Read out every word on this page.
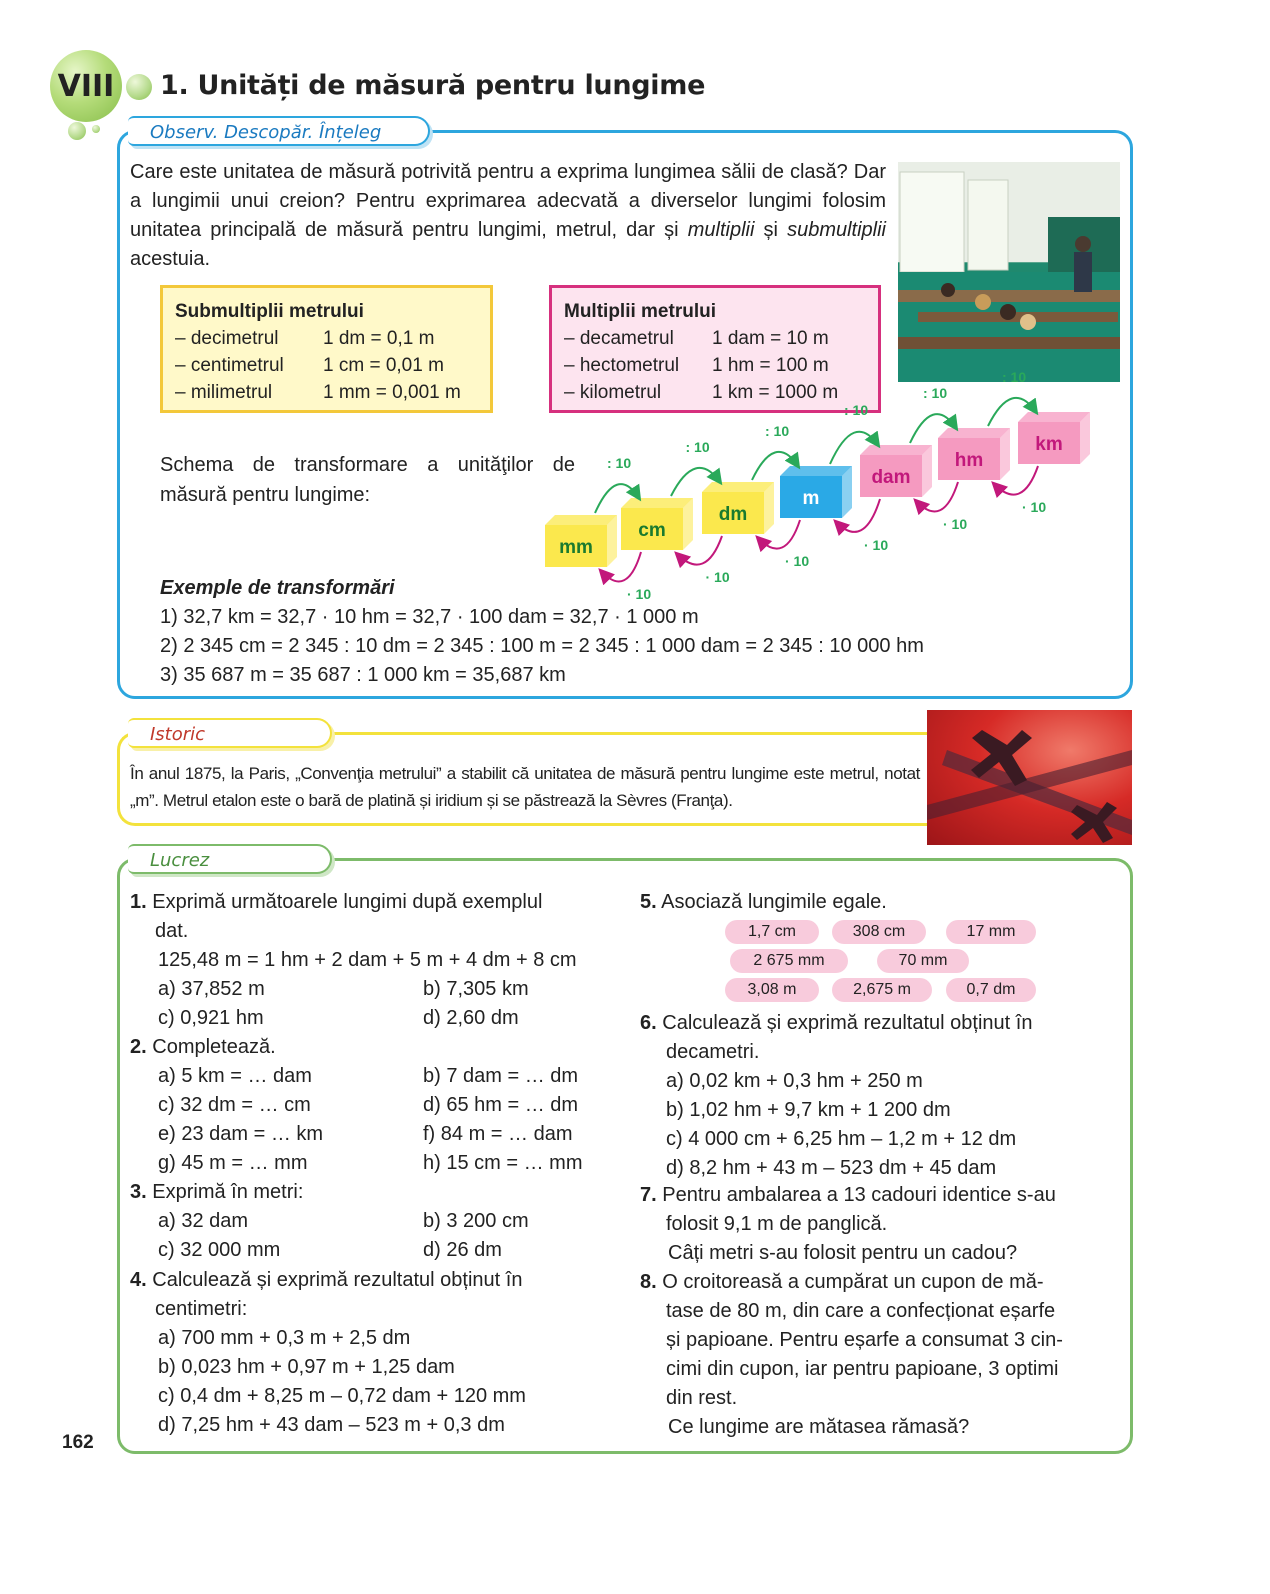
VIII 1. Unități de măsură pentru lungime
Observ. Descopăr. Înțeleg
Care este unitatea de măsură potrivită pentru a exprima lungimea sălii de clasă? Dar a lungimii unui creion? Pentru exprimarea adecvată a diverselor lungimi folosim unitatea principală de măsură pentru lungimi, metrul, dar și multiplii și submultiplii acestuia.
Submultiplii metrului
– decimetrul	1 dm = 0,1 m
– centimetrul	1 cm = 0,01 m
– milimetrul	1 mm = 0,001 m
Multiplii metrului
– decametrul	1 dam = 10 m
– hectometrul	1 hm = 100 m
– kilometrul	1 km = 1000 m
Schema de transformare a unităţilor de măsură pentru lungime:
mm
cm
dm
m
dam
hm
km
: 10
· 10
: 10
· 10
: 10
· 10
: 10
· 10
: 10
· 10
: 10
· 10
Exemple de transformări
1) 32,7 km = 32,7 · 10 hm = 32,7 · 100 dam = 32,7 · 1 000 m
2) 2 345 cm = 2 345 : 10 dm = 2 345 : 100 m = 2 345 : 1 000 dam = 2 345 : 10 000 hm
3) 35 687 m = 35 687 : 1 000 km = 35,687 km
Istoric
În anul 1875, la Paris, „Convenţia metrului” a stabilit că unitatea de măsură pentru lungime este metrul, notat „m”. Metrul etalon este o bară de platină și iridium și se păstrează la Sèvres (Franţa).
Lucrez
1. Exprimă următoarele lungimi după exemplul
dat.
125,48 m = 1 hm + 2 dam + 5 m + 4 dm + 8 cm
a) 37,852 m	b) 7,305 km
c) 0,921 hm	d) 2,60 dm
2. Completează.
a) 5 km = … dam	b) 7 dam = … dm
c) 32 dm = … cm	d) 65 hm = … dm
e) 23 dam = … km	f) 84 m = … dam
g) 45 m = … mm	h) 15 cm = … mm
3. Exprimă în metri:
a) 32 dam	b) 3 200 cm
c) 32 000 mm	d) 26 dm
4. Calculează și exprimă rezultatul obținut în
centimetri:
a) 700 mm + 0,3 m + 2,5 dm
b) 0,023 hm + 0,97 m + 1,25 dam
c) 0,4 dm + 8,25 m – 0,72 dam + 120 mm
d) 7,25 hm + 43 dam – 523 m + 0,3 dm
5. Asociază lungimile egale.
1,7 cm	308 cm	17 mm
2 675 mm	70 mm
3,08 m	2,675 m	0,7 dm
6. Calculează și exprimă rezultatul obținut în
decametri.
a) 0,02 km + 0,3 hm + 250 m
b) 1,02 hm + 9,7 km + 1 200 dm
c) 4 000 cm + 6,25 hm – 1,2 m + 12 dm
d) 8,2 hm + 43 m – 523 dm + 45 dam
7. Pentru ambalarea a 13 cadouri identice s-au
folosit 9,1 m de panglică.
Câți metri s-au folosit pentru un cadou?
8. O croitoreasă a cumpărat un cupon de mă-
tase de 80 m, din care a confecționat eșarfe
și papioane. Pentru eșarfe a consumat 3 cin-
cimi din cupon, iar pentru papioane, 3 optimi
din rest.
Ce lungime are mătasea rămasă?
162
